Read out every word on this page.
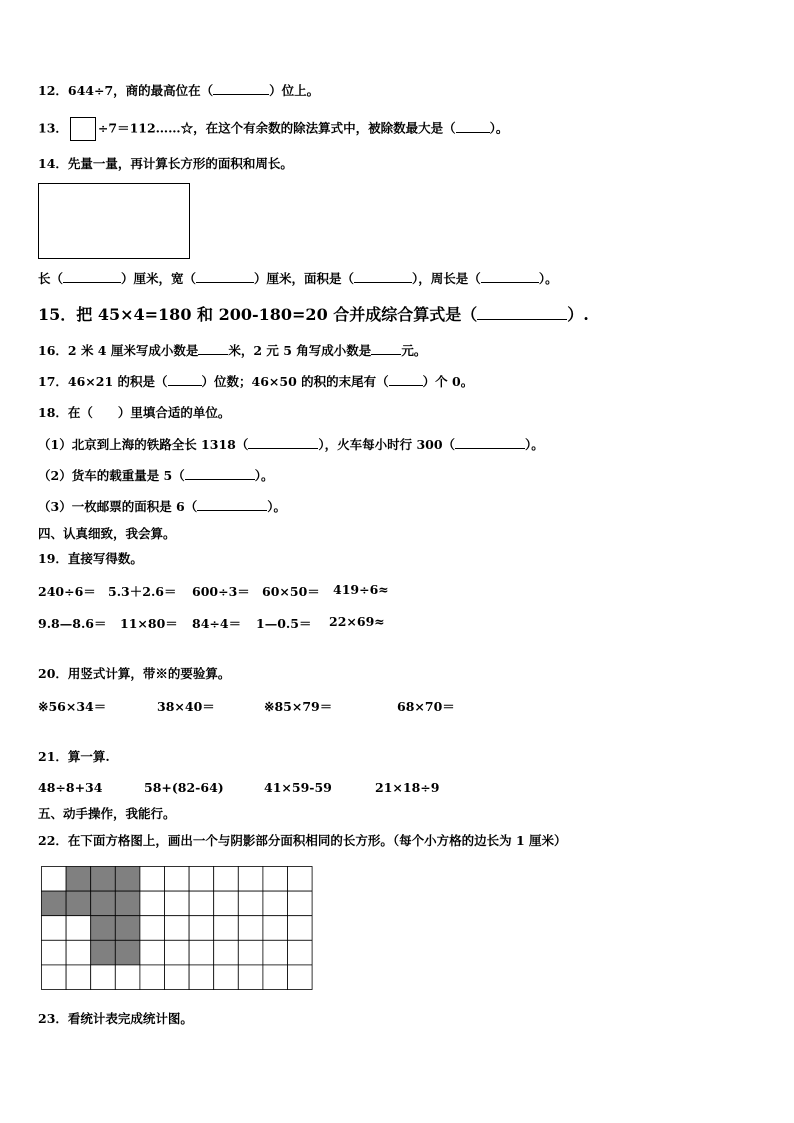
12．644÷7，商的最高位在（	）位上。
13． ÷7＝112……☆，在这个有余数的除法算式中，被除数最大是（	）。
14．先量一量，再计算长方形的面积和周长。
长（	）厘米，宽（	）厘米，面积是（	），周长是（	）。
15．把 45×4=180 和 200-180=20 合并成综合算式是（	）.
16．2 米 4 厘米写成小数是 米，2 元 5 角写成小数是 元。
17．46×21 的积是（	）位数；46×50 的积的末尾有（	）个 0。
18．在（　　）里填合适的单位。
（1）北京到上海的铁路全长 1318（	），火车每小时行 300（	）。
（2）货车的载重量是 5（	）。
（3）一枚邮票的面积是 6（	）。
四、认真细致，我会算。
19．直接写得数。
240÷6＝ 5.3＋2.6＝ 600÷3＝ 60×50＝ 419÷6≈
9.8—8.6＝ 11×80＝ 84÷4＝ 1—0.5＝ 22×69≈
20．用竖式计算，带※的要验算。
※56×34＝	38×40＝	※85×79＝	68×70＝
21．算一算.
48÷8+34	58+(82-64)	41×59-59	21×18÷9
五、动手操作，我能行。
22．在下面方格图上，画出一个与阴影部分面积相同的长方形。（每个小方格的边长为 1 厘米）
23．看统计表完成统计图。
